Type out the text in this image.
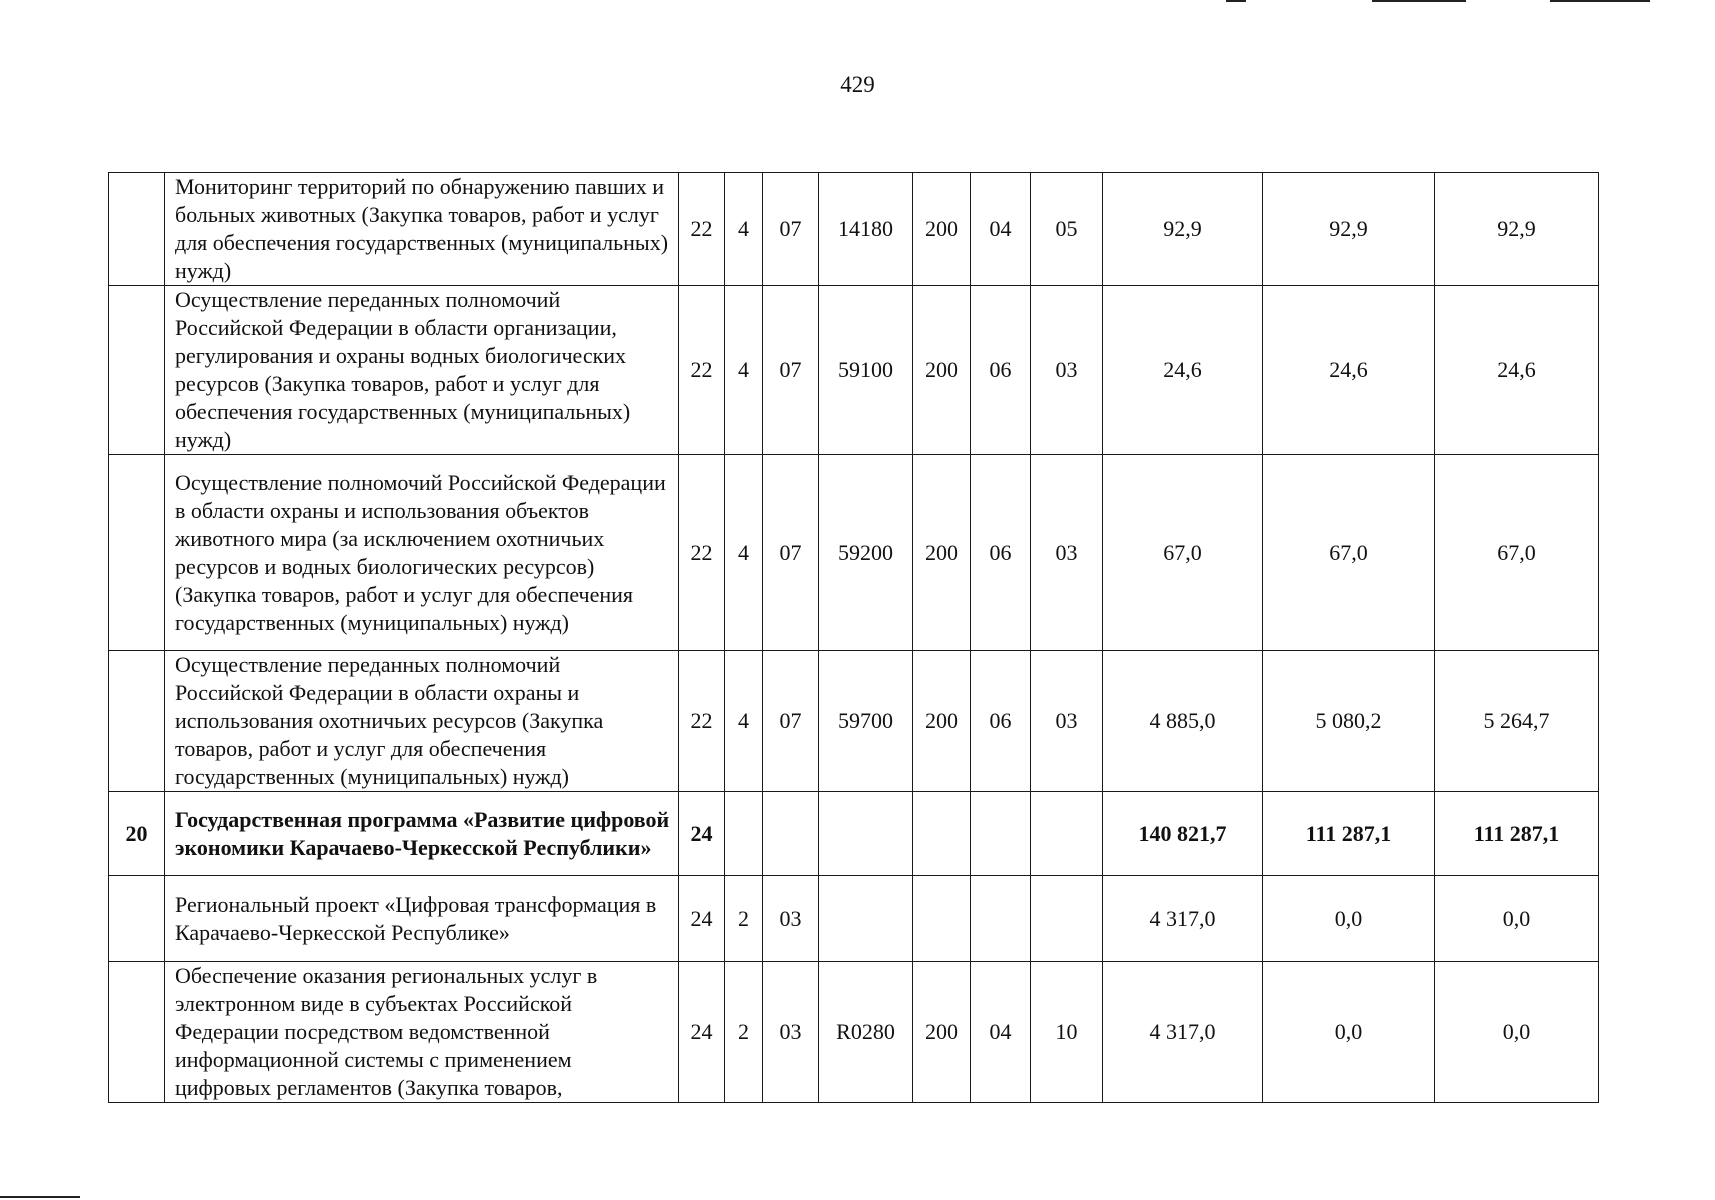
429
	Мониторинг территорий по обнаружению павших и больных животных (Закупка товаров, работ и услуг для обеспечения государственных (муниципальных) нужд)	22	4	07	14180	200	04	05	92,9	92,9	92,9
	Осуществление переданных полномочий Российской Федерации в области организации, регулирования и охраны водных биологических ресурсов (Закупка товаров, работ и услуг для обеспечения государственных (муниципальных) нужд)	22	4	07	59100	200	06	03	24,6	24,6	24,6
	Осуществление полномочий Российской Федерации в области охраны и использования объектов животного мира (за исключением охотничьих ресурсов и водных биологических ресурсов) (Закупка товаров, работ и услуг для обеспечения государственных (муниципальных) нужд)	22	4	07	59200	200	06	03	67,0	67,0	67,0
	Осуществление переданных полномочий Российской Федерации в области охраны и использования охотничьих ресурсов (Закупка товаров, работ и услуг для обеспечения государственных (муниципальных) нужд)	22	4	07	59700	200	06	03	4 885,0	5 080,2	5 264,7
20	Государственная программа «Развитие цифровой экономики Карачаево-Черкесской Республики»	24							140 821,7	111 287,1	111 287,1
	Региональный проект «Цифровая трансформация в Карачаево-Черкесской Республике»	24	2	03					4 317,0	0,0	0,0
	Обеспечение оказания региональных услуг в электронном виде в субъектах Российской Федерации посредством ведомственной информационной системы с применением цифровых регламентов (Закупка товаров,	24	2	03	R0280	200	04	10	4 317,0	0,0	0,0
